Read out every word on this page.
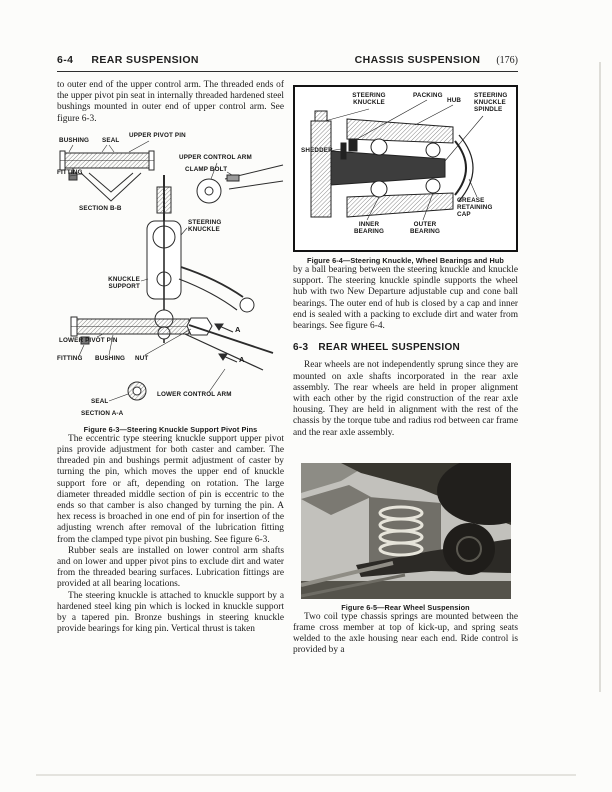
6-4 REAR SUSPENSION	CHASSIS SUSPENSION (176)

to outer end of the upper control arm. The threaded ends of the upper pivot pin seat in internally threaded hardened steel bushings mounted in outer end of upper control arm. See figure 6-3.

BUSHING SEAL
UPPER PIVOT PIN
FITTING
SECTION B-B
UPPER CONTROL ARM
CLAMP BOLT
STEERING KNUCKLE
KNUCKLE SUPPORT
LOWER PIVOT PIN
FITTING BUSHING NUT
SEAL
SECTION A-A
LOWER CONTROL ARM
A
A
Figure 6-3—Steering Knuckle Support Pivot Pins

The eccentric type steering knuckle support upper pivot pins provide adjustment for both caster and camber. The threaded pin and bushings permit adjustment of caster by turning the pin, which moves the upper end of knuckle support fore or aft, depending on rotation. The large diameter threaded middle section of pin is eccentric to the ends so that camber is also changed by turning the pin. A hex recess is broached in one end of pin for insertion of the adjusting wrench after removal of the lubrication fitting from the clamped type pivot pin bushing. See figure 6-3.

Rubber seals are installed on lower control arm shafts and on lower and upper pivot pins to exclude dirt and water from the threaded bearing surfaces. Lubrication fittings are provided at all bearing locations.

The steering knuckle is attached to knuckle support by a hardened steel king pin which is locked in knuckle support by a tapered pin. Bronze bushings in steering knuckle provide bearings for king pin. Vertical thrust is taken

STEERING KNUCKLE
PACKING
HUB
STEERING KNUCKLE SPINDLE
SHEDDER
INNER BEARING
OUTER BEARING
GREASE RETAINING CAP
Figure 6-4—Steering Knuckle, Wheel Bearings and Hub

by a ball bearing between the steering knuckle and knuckle support. The steering knuckle spindle supports the wheel hub with two New Departure adjustable cup and cone ball bearings. The outer end of hub is closed by a cap and inner end is sealed with a packing to exclude dirt and water from bearings. See figure 6-4.

6-3 REAR WHEEL SUSPENSION

Rear wheels are not independently sprung since they are mounted on axle shafts incorporated in the rear axle assembly. The rear wheels are held in proper alignment with each other by the rigid construction of the rear axle housing. They are held in alignment with the rest of the chassis by the torque tube and radius rod between car frame and the rear axle assembly.

Figure 6-5—Rear Wheel Suspension

Two coil type chassis springs are mounted between the frame cross member at top of kick-up, and spring seats welded to the axle housing near each end. Ride control is provided by a
